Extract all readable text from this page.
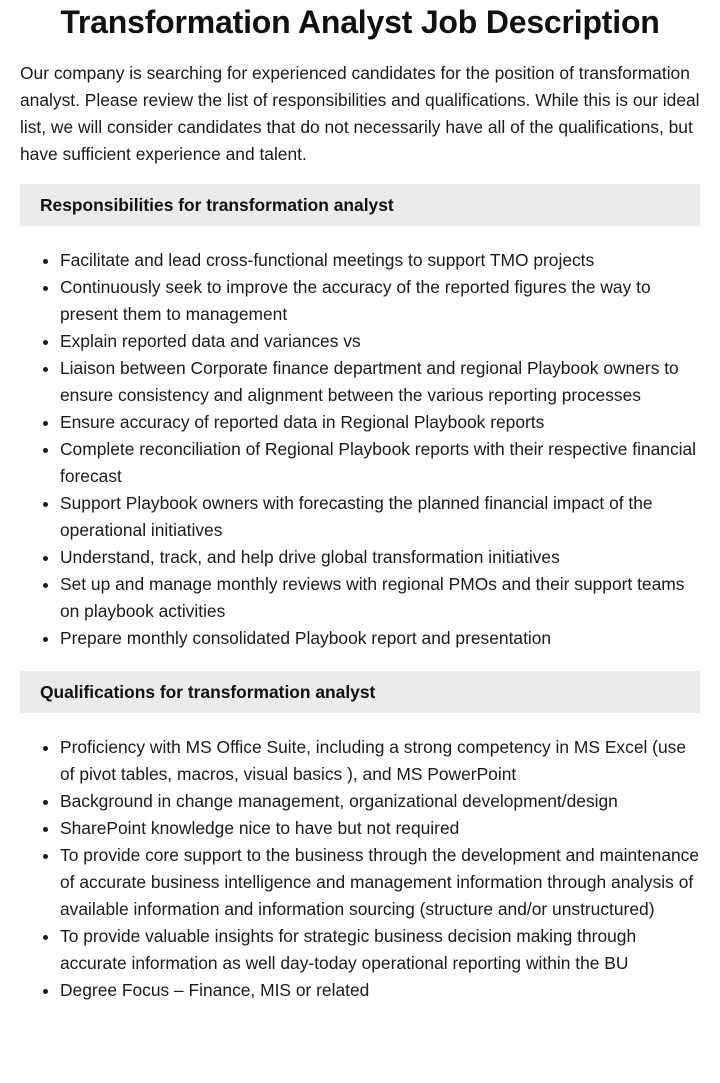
Transformation Analyst Job Description

Our company is searching for experienced candidates for the position of transformation analyst. Please review the list of responsibilities and qualifications. While this is our ideal list, we will consider candidates that do not necessarily have all of the qualifications, but have sufficient experience and talent.

Responsibilities for transformation analyst
• Facilitate and lead cross-functional meetings to support TMO projects
• Continuously seek to improve the accuracy of the reported figures the way to present them to management
• Explain reported data and variances vs
• Liaison between Corporate finance department and regional Playbook owners to ensure consistency and alignment between the various reporting processes
• Ensure accuracy of reported data in Regional Playbook reports
• Complete reconciliation of Regional Playbook reports with their respective financial forecast
• Support Playbook owners with forecasting the planned financial impact of the operational initiatives
• Understand, track, and help drive global transformation initiatives
• Set up and manage monthly reviews with regional PMOs and their support teams on playbook activities
• Prepare monthly consolidated Playbook report and presentation
Qualifications for transformation analyst
• Proficiency with MS Office Suite, including a strong competency in MS Excel (use of pivot tables, macros, visual basics ), and MS PowerPoint
• Background in change management, organizational development/design
• SharePoint knowledge nice to have but not required
• To provide core support to the business through the development and maintenance of accurate business intelligence and management information through analysis of available information and information sourcing (structure and/or unstructured)
• To provide valuable insights for strategic business decision making through accurate information as well day-today operational reporting within the BU
• Degree Focus – Finance, MIS or related
